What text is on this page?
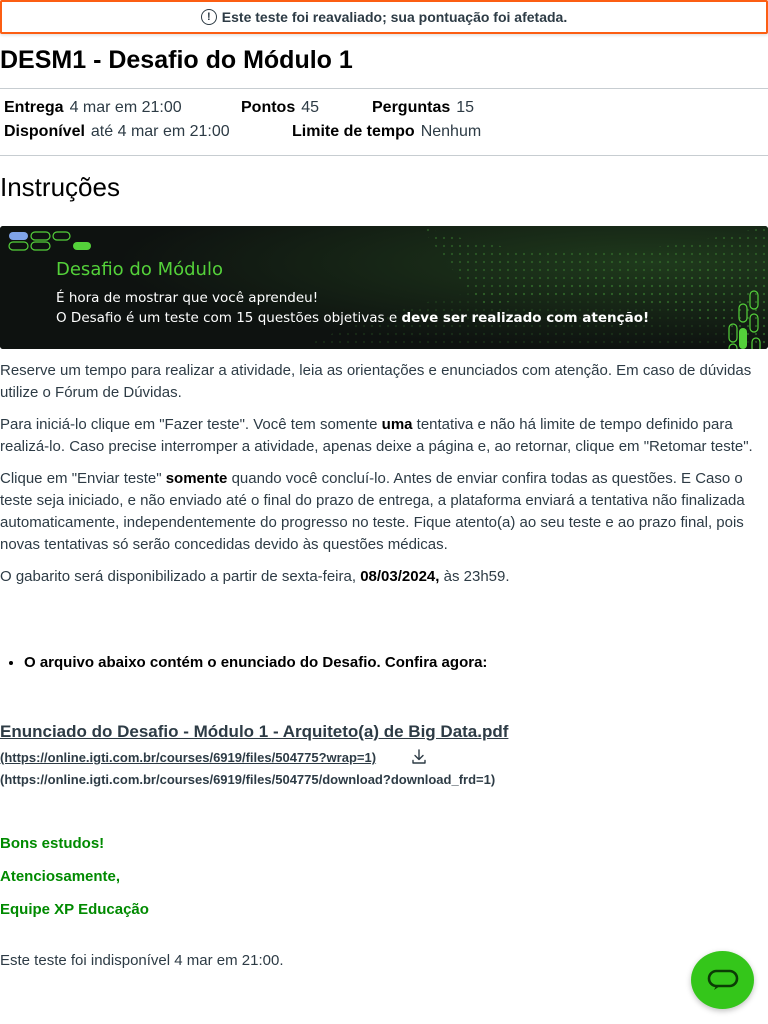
! Este teste foi reavaliado; sua pontuação foi afetada.
DESM1 - Desafio do Módulo 1
Entrega 4 mar em 21:00	Pontos 45	Perguntas 15
Disponível até 4 mar em 21:00	Limite de tempo Nenhum
Instruções
Desafio do Módulo
É hora de mostrar que você aprendeu!
O Desafio é um teste com 15 questões objetivas e deve ser realizado com atenção!

Reserve um tempo para realizar a atividade, leia as orientações e enunciados com atenção. Em caso de dúvidas utilize o Fórum de Dúvidas.

Para iniciá-lo clique em "Fazer teste". Você tem somente uma tentativa e não há limite de tempo definido para realizá-lo. Caso precise interromper a atividade, apenas deixe a página e, ao retornar, clique em "Retomar teste".

Clique em "Enviar teste" somente quando você concluí-lo. Antes de enviar confira todas as questões. E Caso o teste seja iniciado, e não enviado até o final do prazo de entrega, a plataforma enviará a tentativa não finalizada automaticamente, independentemente do progresso no teste. Fique atento(a) ao seu teste e ao prazo final, pois novas tentativas só serão concedidas devido às questões médicas.

O gabarito será disponibilizado a partir de sexta-feira, 08/03/2024, às 23h59.

• O arquivo abaixo contém o enunciado do Desafio. Confira agora:
Enunciado do Desafio - Módulo 1 - Arquiteto(a) de Big Data.pdf
(https://online.igti.com.br/courses/6919/files/504775?wrap=1)
(https://online.igti.com.br/courses/6919/files/504775/download?download_frd=1)
Bons estudos!
Atenciosamente,
Equipe XP Educação
Este teste foi indisponível 4 mar em 21:00.
